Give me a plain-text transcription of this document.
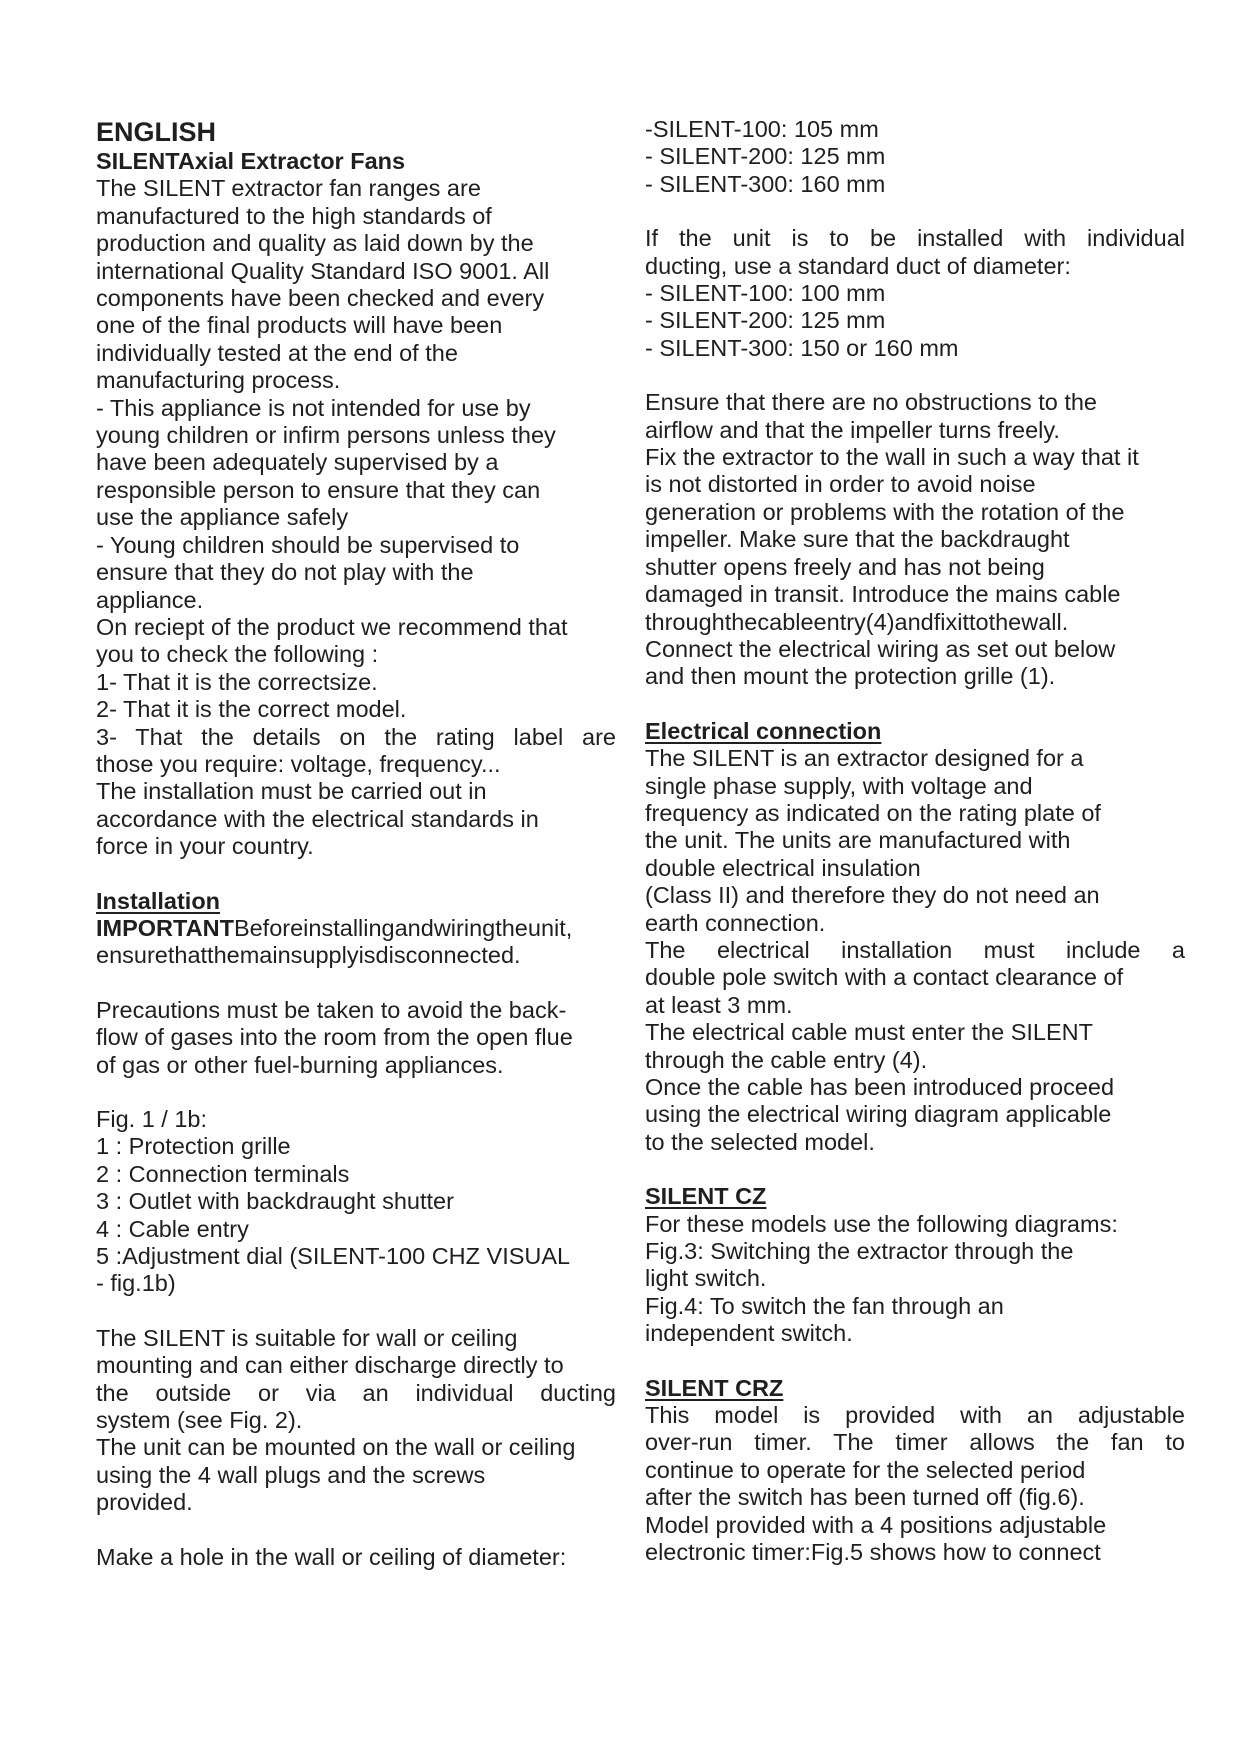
ENGLISH

SILENTAxial Extractor Fans

The SILENT extractor fan ranges are

manufactured to the high standards of

production and quality as laid down by the

international Quality Standard ISO 9001. All

components have been checked and every

one of the final products will have been

individually tested at the end of the

manufacturing process.

- This appliance is not intended for use by

young children or infirm persons unless they

have been adequately supervised by a

responsible person to ensure that they can

use the appliance safely

- Young children should be supervised to

ensure that they do not play with the

appliance.

On reciept of the product we recommend that

you to check the following :

1- That it is the correctsize.

2- That it is the correct model.

3- That the details on the rating label are

those you require: voltage, frequency...

The installation must be carried out in

accordance with the electrical standards in

force in your country.

Installation

IMPORTANTBeforeinstallingandwiringtheunit,

ensurethatthemainsupplyisdisconnected.

Precautions must be taken to avoid the back-

flow of gases into the room from the open flue

of gas or other fuel-burning appliances.

Fig. 1 / 1b:

1 : Protection grille

2 : Connection terminals

3 : Outlet with backdraught shutter

4 : Cable entry

5 :Adjustment dial (SILENT-100 CHZ VISUAL

- fig.1b)

The SILENT is suitable for wall or ceiling

mounting and can either discharge directly to

the outside or via an individual ducting

system (see Fig. 2).

The unit can be mounted on the wall or ceiling

using the 4 wall plugs and the screws

provided.

Make a hole in the wall or ceiling of diameter:

-SILENT-100: 105 mm

- SILENT-200: 125 mm

- SILENT-300: 160 mm

If the unit is to be installed with individual

ducting, use a standard duct of diameter:

- SILENT-100: 100 mm

- SILENT-200: 125 mm

- SILENT-300: 150 or 160 mm

Ensure that there are no obstructions to the

airflow and that the impeller turns freely.

Fix the extractor to the wall in such a way that it

is not distorted in order to avoid noise

generation or problems with the rotation of the

impeller. Make sure that the backdraught

shutter opens freely and has not being

damaged in transit. Introduce the mains cable

throughthecableentry(4)andfixittothewall.

Connect the electrical wiring as set out below

and then mount the protection grille (1).

Electrical connection

The SILENT is an extractor designed for a

single phase supply, with voltage and

frequency as indicated on the rating plate of

the unit. The units are manufactured with

double electrical insulation

(Class II) and therefore they do not need an

earth connection.

The electrical installation must include a

double pole switch with a contact clearance of

at least 3 mm.

The electrical cable must enter the SILENT

through the cable entry (4).

Once the cable has been introduced proceed

using the electrical wiring diagram applicable

to the selected model.

SILENT CZ

For these models use the following diagrams:

Fig.3: Switching the extractor through the

light switch.

Fig.4: To switch the fan through an

independent switch.

SILENT CRZ

This model is provided with an adjustable

over-run timer. The timer allows the fan to

continue to operate for the selected period

after the switch has been turned off (fig.6).

Model provided with a 4 positions adjustable

electronic timer:Fig.5 shows how to connect
